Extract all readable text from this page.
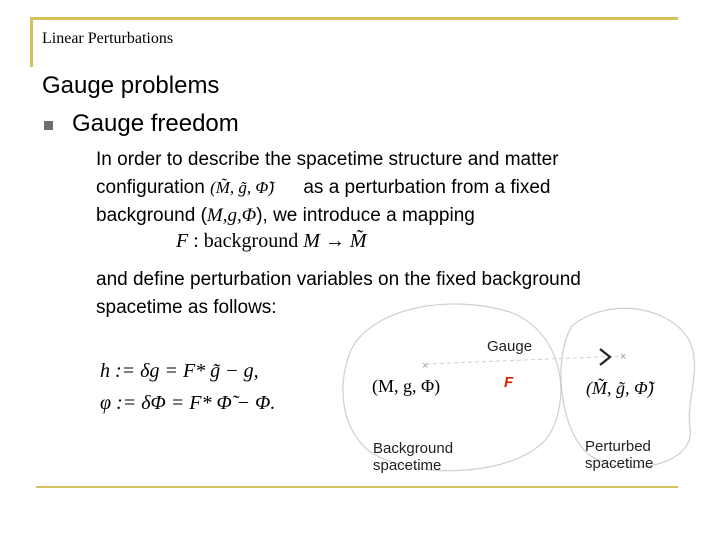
Linear Perturbations
Gauge problems
Gauge freedom
In order to describe the spacetime structure and matter
configuration (M̃, g̃, Φ̃) as a perturbation from a fixed
background (M,g,Φ), we introduce a mapping
F : background M → M̃
and define perturbation variables on the fixed background
spacetime as follows:
h := δg = F* g̃ − g,
φ := δΦ = F* Φ̃ − Φ.
×
×
Gauge
F
(M, g, Φ)	(M̃, g̃, Φ̃)
Background
spacetime
Perturbed
spacetime
